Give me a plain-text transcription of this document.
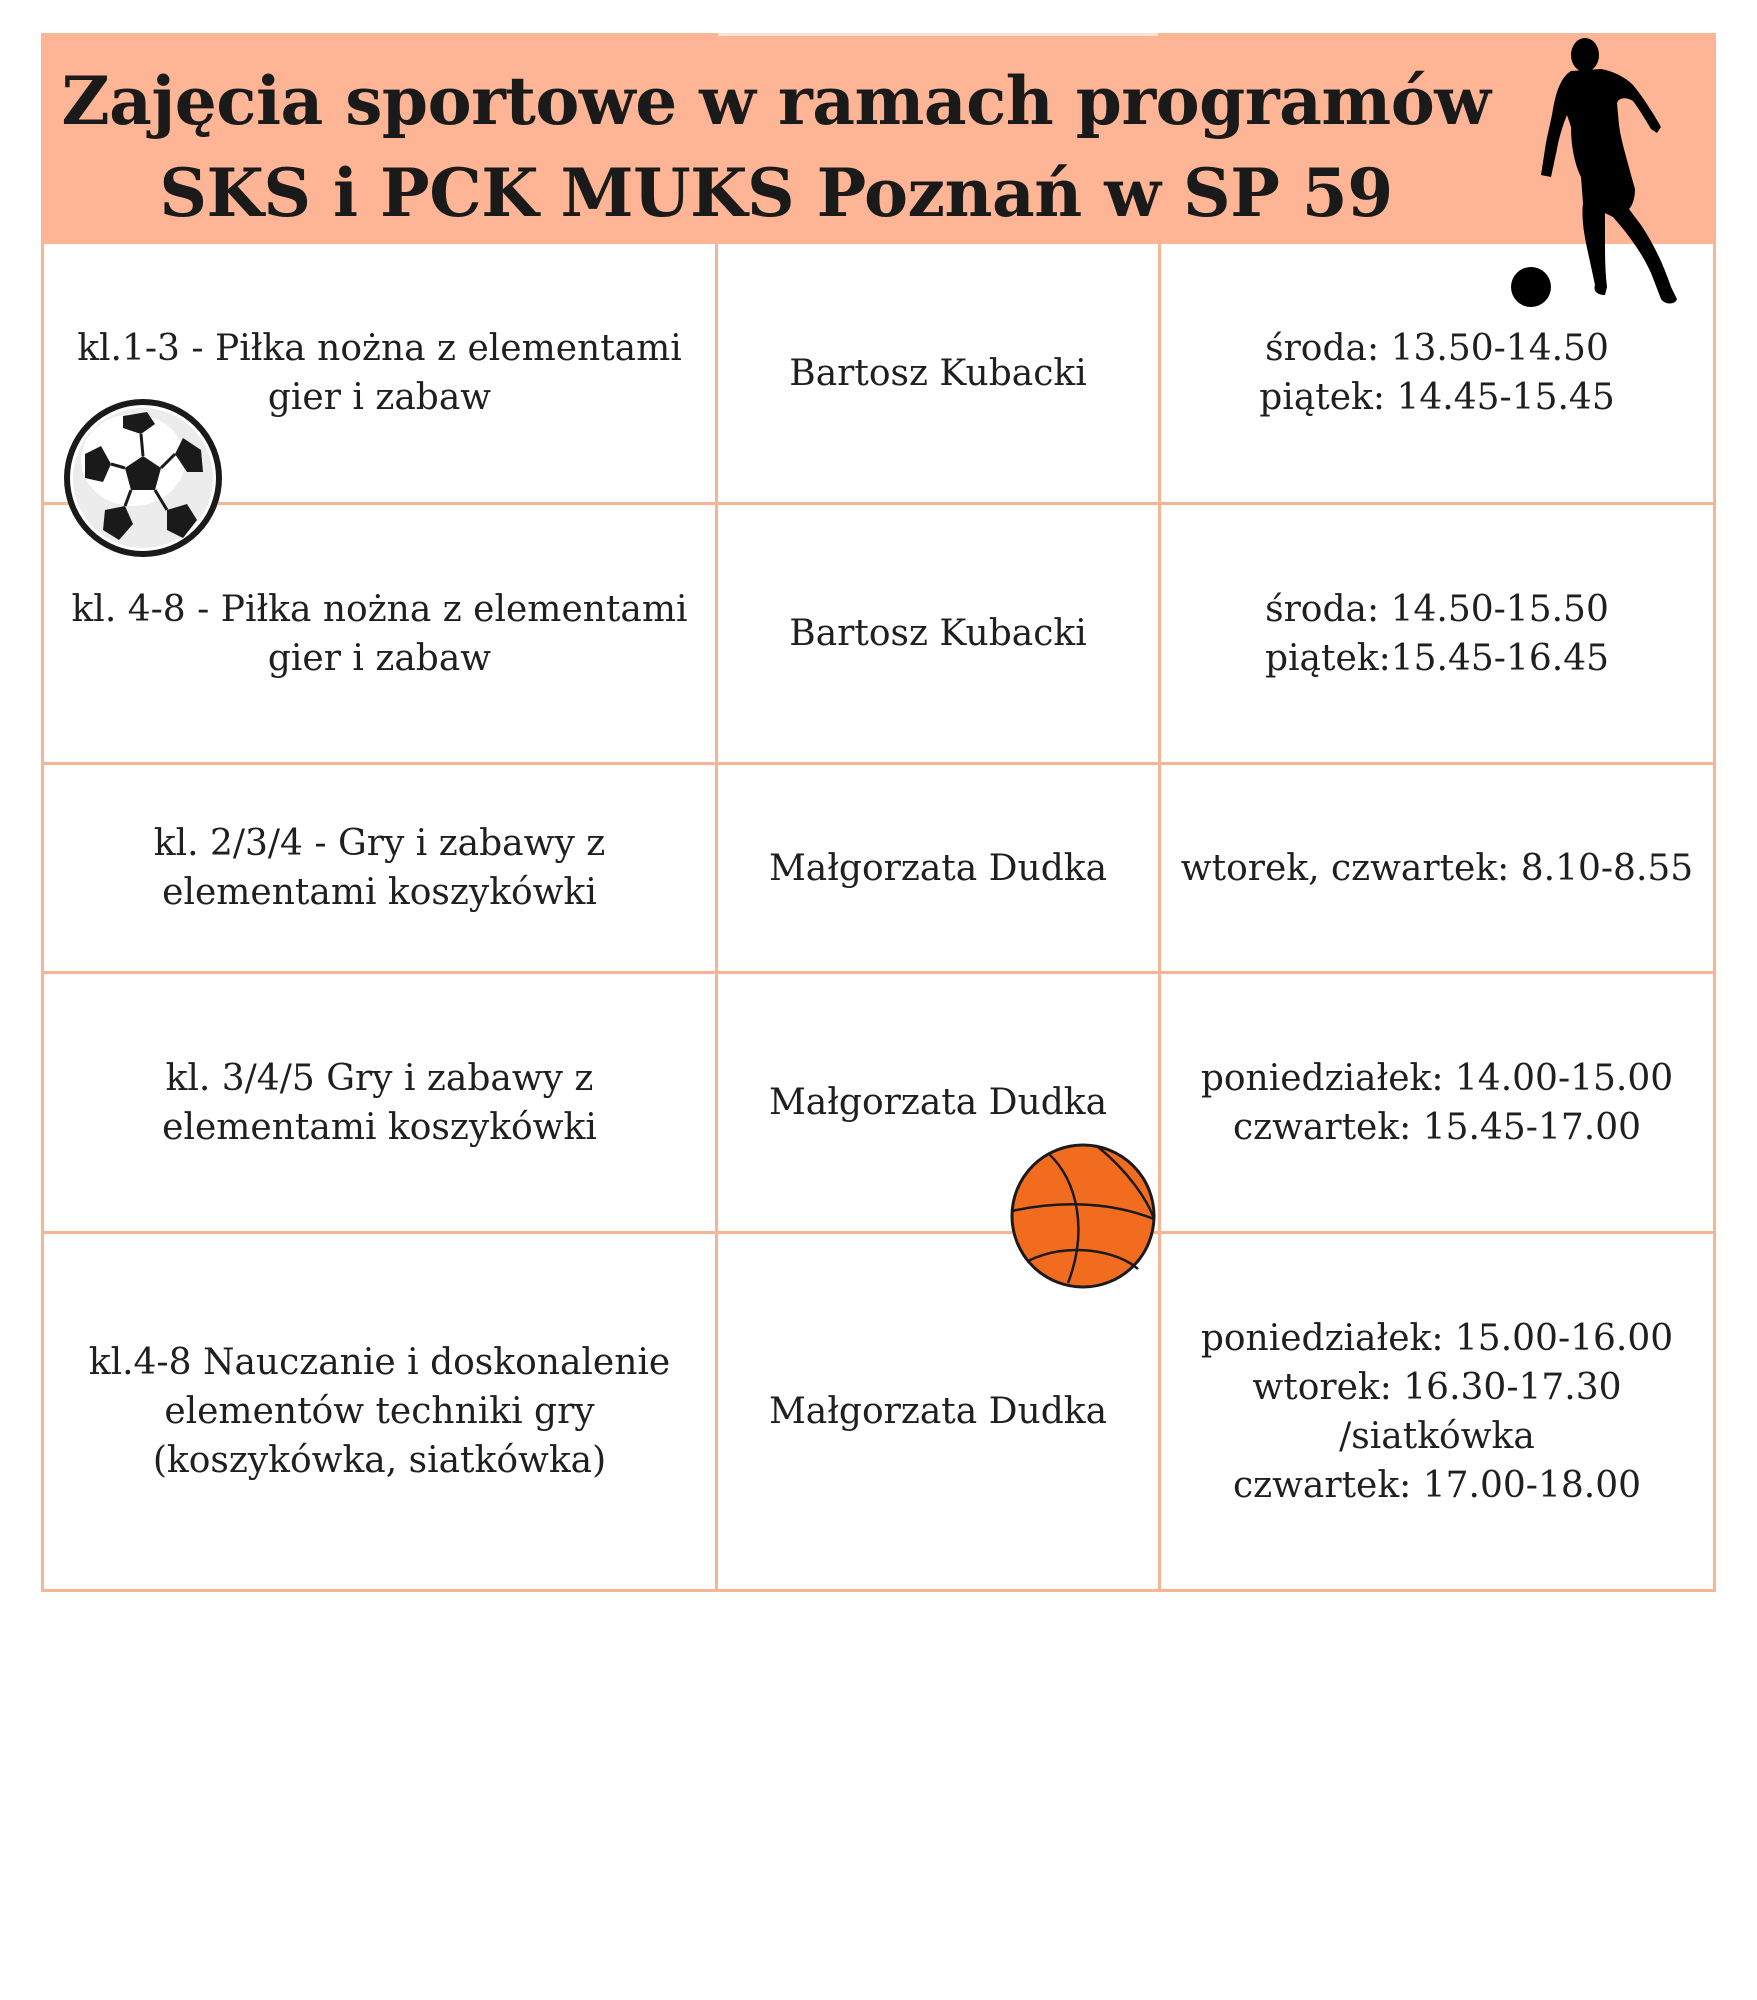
Zajęcia sportowe w ramach programów
SKS i PCK MUKS Poznań w SP 59
kl.1-3 - Piłka nożna z elementami
gier i zabaw
Bartosz Kubacki
środa: 13.50-14.50
piątek: 14.45-15.45
kl. 4-8 - Piłka nożna z elementami
gier i zabaw
Bartosz Kubacki
środa: 14.50-15.50
piątek:15.45-16.45
kl. 2/3/4 - Gry i zabawy z
elementami koszykówki
Małgorzata Dudka	wtorek, czwartek: 8.10-8.55
kl. 3/4/5 Gry i zabawy z
elementami koszykówki
Małgorzata Dudka
poniedziałek: 14.00-15.00
czwartek: 15.45-17.00
kl.4-8 Nauczanie i doskonalenie
elementów techniki gry
(koszykówka, siatkówka)
Małgorzata Dudka
poniedziałek: 15.00-16.00
wtorek: 16.30-17.30
/siatkówka
czwartek: 17.00-18.00
